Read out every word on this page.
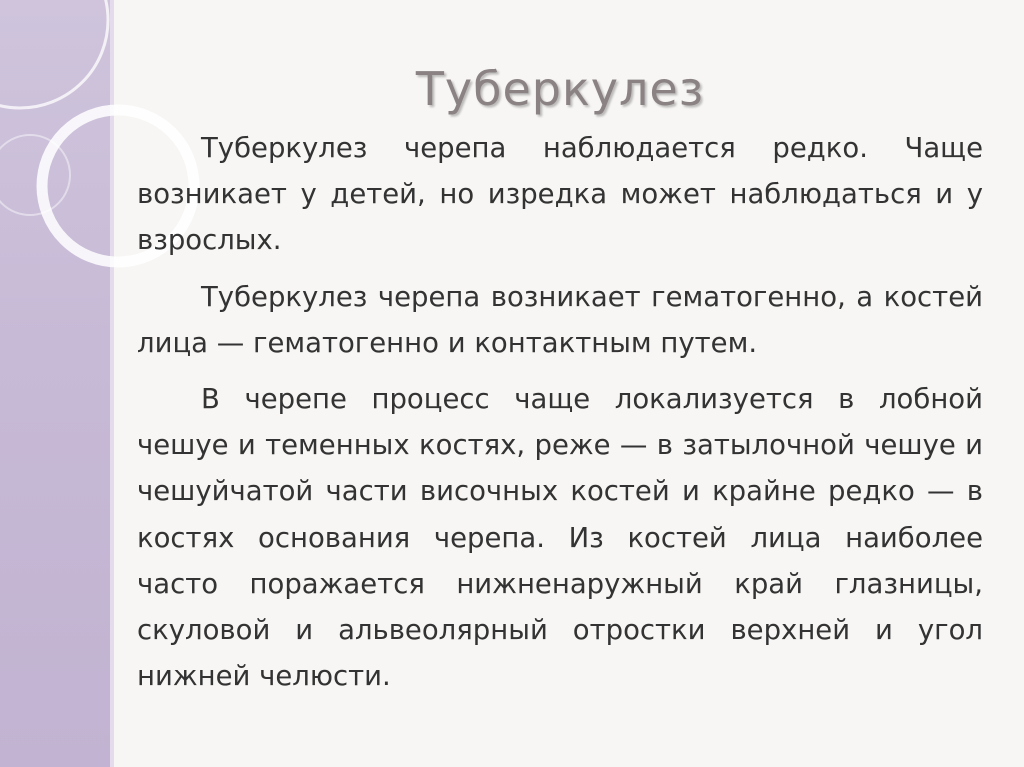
Туберкулез

Туберкулез черепа наблюдается редко. Чаще возникает у детей, но изредка может наблюдаться и у взрослых.

Туберкулез черепа возникает гематогенно, а костей лица — гематогенно и контактным путем.

В черепе процесс чаще локализуется в лобной чешуе и теменных костях, реже — в затылочной чешуе и чешуйчатой части височных костей и крайне редко — в костях основания черепа. Из костей лица наиболее часто поражается нижненаружный край глазницы, скуловой и альвеолярный отростки верхней и угол нижней челюсти.
